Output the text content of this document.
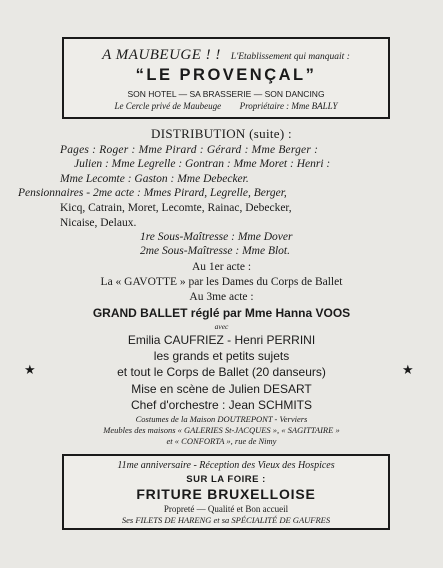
A MAUBEUGE ! ! L'Etablissement qui manquait :
“LE PROVENÇAL”
SON HOTEL — SA BRASSERIE — SON DANCING
Le Cercle privé de Maubeuge Propriétaire : Mme BALLY
DISTRIBUTION (suite) :
Pages : Roger : Mme Pirard : Gérard : Mme Berger :
Julien : Mme Legrelle : Gontran : Mme Moret : Henri :
Mme Lecomte : Gaston : Mme Debecker.
Pensionnaires - 2me acte : Mmes Pirard, Legrelle, Berger,
Kicq, Catrain, Moret, Lecomte, Rainac, Debecker,
Nicaise, Delaux.
1re Sous-Maîtresse : Mme Dover
2me Sous-Maîtresse : Mme Blot.
Au 1er acte :
La « GAVOTTE » par les Dames du Corps de Ballet
Au 3me acte :
GRAND BALLET réglé par Mme Hanna VOOS
avec
Emilia CAUFRIEZ - Henri PERRINI
les grands et petits sujets
★	et tout le Corps de Ballet (20 danseurs)	★
Mise en scène de Julien DESART
Chef d'orchestre : Jean SCHMITS
Costumes de la Maison DOUTREPONT - Verviers
Meubles des maisons « GALERIES St-JACQUES », « SAGITTAIRE »
et « CONFORTA », rue de Nimy
11me anniversaire - Réception des Vieux des Hospices
SUR LA FOIRE :
FRITURE BRUXELLOISE
Propreté — Qualité et Bon accueil
Ses FILETS DE HARENG et sa SPÉCIALITÉ DE GAUFRES
